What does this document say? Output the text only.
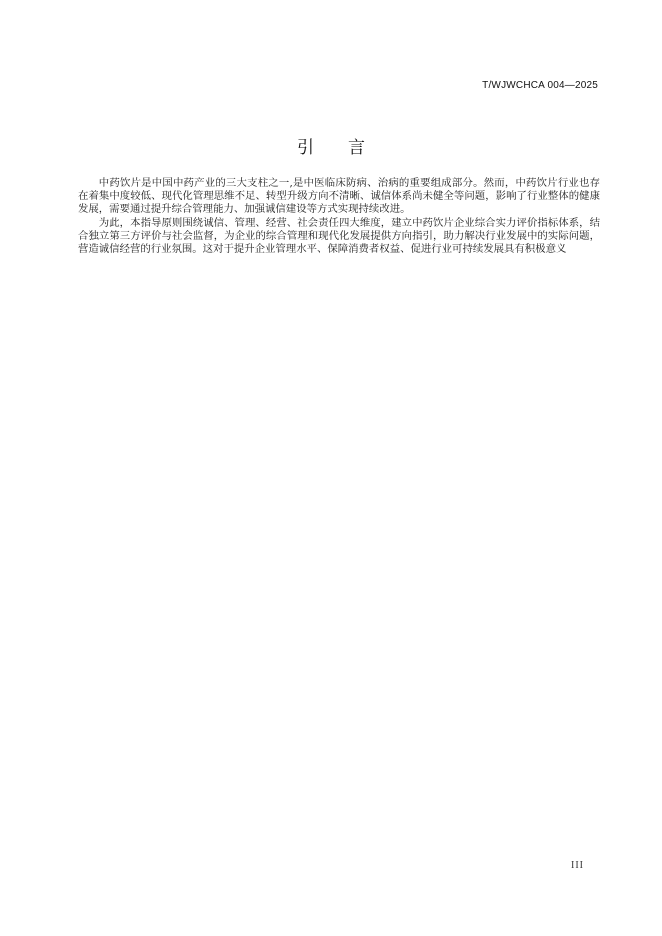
T/WJWCHCA 004—2025
引言

中药饮片是中国中药产业的三大支柱之一,是中医临床防病、治病的重要组成部分。然而，中药饮片行业也存在着集中度较低、现代化管理思维不足、转型升级方向不清晰、诚信体系尚未健全等问题，影响了行业整体的健康发展，需要通过提升综合管理能力、加强诚信建设等方式实现持续改进。

为此，本指导原则围绕诚信、管理、经营、社会责任四大维度，建立中药饮片企业综合实力评价指标体系，结合独立第三方评价与社会监督，为企业的综合管理和现代化发展提供方向指引，助力解决行业发展中的实际问题，营造诚信经营的行业氛围。这对于提升企业管理水平、保障消费者权益、促进行业可持续发展具有积极意义

III
